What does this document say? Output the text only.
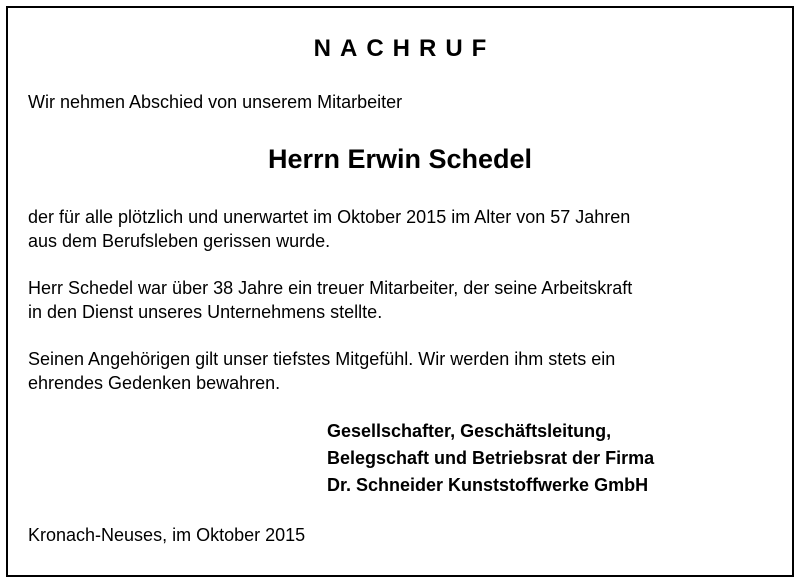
NACHRUF
Wir nehmen Abschied von unserem Mitarbeiter
Herrn Erwin Schedel
der für alle plötzlich und unerwartet im Oktober 2015 im Alter von 57 Jahren
aus dem Berufsleben gerissen wurde.
Herr Schedel war über 38 Jahre ein treuer Mitarbeiter, der seine Arbeitskraft
in den Dienst unseres Unternehmens stellte.
Seinen Angehörigen gilt unser tiefstes Mitgefühl. Wir werden ihm stets ein
ehrendes Gedenken bewahren.
Gesellschafter, Geschäftsleitung,
Belegschaft und Betriebsrat der Firma
Dr. Schneider Kunststoffwerke GmbH
Kronach-Neuses, im Oktober 2015
